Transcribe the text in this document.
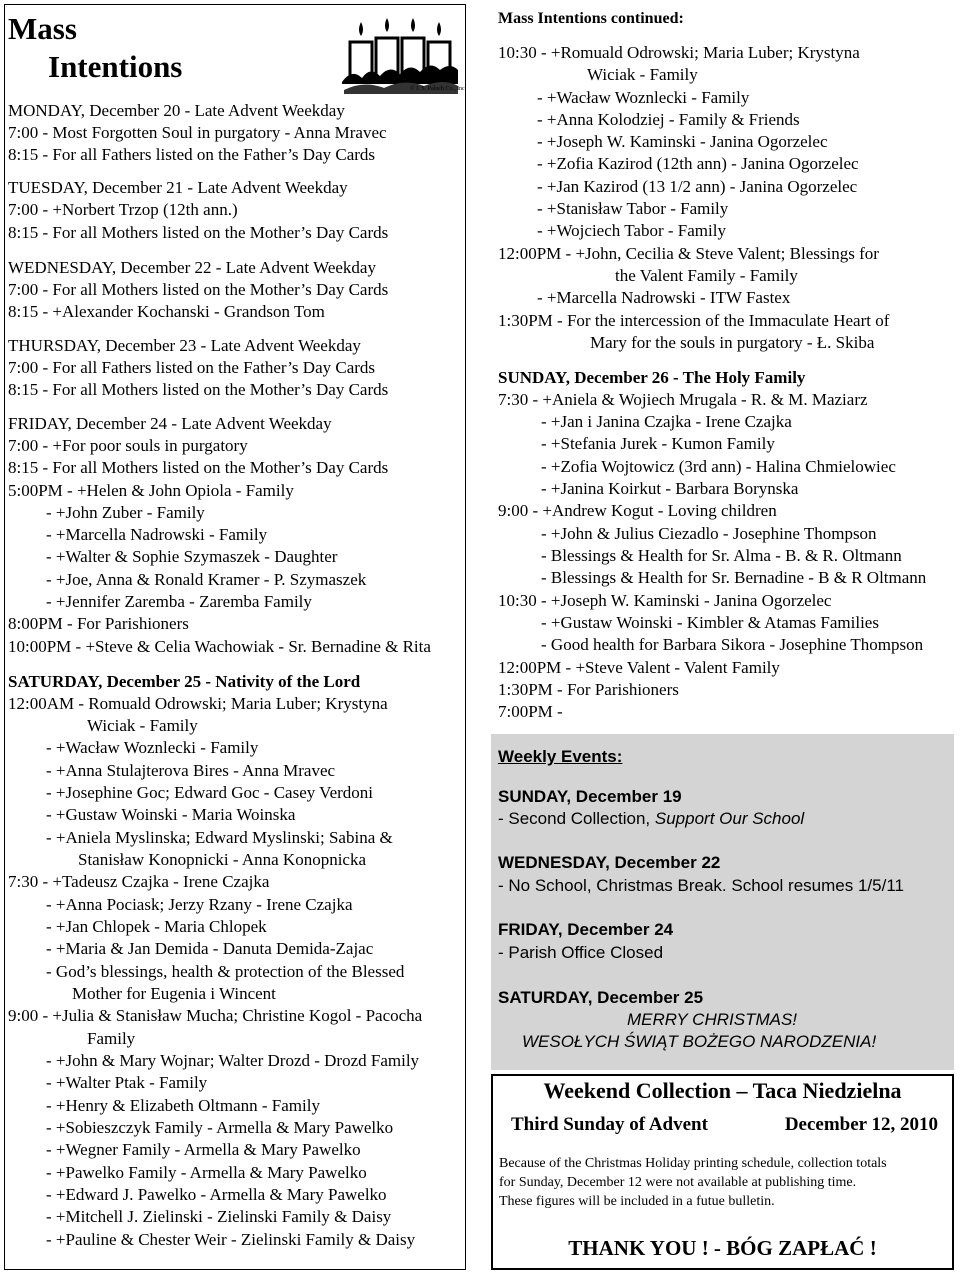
Mass
Intentions
© J. S. Paluch Co., Inc.
MONDAY, December 20 - Late Advent Weekday
7:00 - Most Forgotten Soul in purgatory - Anna Mravec
8:15 - For all Fathers listed on the Father’s Day Cards
TUESDAY, December 21 - Late Advent Weekday
7:00 - +Norbert Trzop (12th ann.)
8:15 - For all Mothers listed on the Mother’s Day Cards
WEDNESDAY, December 22 - Late Advent Weekday
7:00 - For all Mothers listed on the Mother’s Day Cards
8:15 - +Alexander Kochanski - Grandson Tom
THURSDAY, December 23 - Late Advent Weekday
7:00 - For all Fathers listed on the Father’s Day Cards
8:15 - For all Mothers listed on the Mother’s Day Cards
FRIDAY, December 24 - Late Advent Weekday
7:00 - +For poor souls in purgatory
8:15 - For all Mothers listed on the Mother’s Day Cards
5:00PM - +Helen & John Opiola - Family
- +John Zuber - Family
- +Marcella Nadrowski - Family
- +Walter & Sophie Szymaszek - Daughter
- +Joe, Anna & Ronald Kramer - P. Szymaszek
- +Jennifer Zaremba - Zaremba Family
8:00PM - For Parishioners
10:00PM - +Steve & Celia Wachowiak - Sr. Bernadine & Rita
SATURDAY, December 25 - Nativity of the Lord
12:00AM - Romuald Odrowski; Maria Luber; Krystyna
Wiciak - Family
- +Wacław Woznlecki - Family
- +Anna Stulajterova Bires - Anna Mravec
- +Josephine Goc; Edward Goc - Casey Verdoni
- +Gustaw Woinski - Maria Woinska
- +Aniela Myslinska; Edward Myslinski; Sabina &
Stanisław Konopnicki - Anna Konopnicka
7:30 - +Tadeusz Czajka - Irene Czajka
- +Anna Pociask; Jerzy Rzany - Irene Czajka
- +Jan Chlopek - Maria Chlopek
- +Maria & Jan Demida - Danuta Demida-Zajac
- God’s blessings, health & protection of the Blessed
Mother for Eugenia i Wincent
9:00 - +Julia & Stanisław Mucha; Christine Kogol - Pacocha
Family
- +John & Mary Wojnar; Walter Drozd - Drozd Family
- +Walter Ptak - Family
- +Henry & Elizabeth Oltmann - Family
- +Sobieszczyk Family - Armella & Mary Pawelko
- +Wegner Family - Armella & Mary Pawelko
- +Pawelko Family - Armella & Mary Pawelko
- +Edward J. Pawelko - Armella & Mary Pawelko
- +Mitchell J. Zielinski - Zielinski Family & Daisy
- +Pauline & Chester Weir - Zielinski Family & Daisy
Mass Intentions continued:
10:30 - +Romuald Odrowski; Maria Luber; Krystyna
Wiciak - Family
- +Wacław Woznlecki - Family
- +Anna Kolodziej - Family & Friends
- +Joseph W. Kaminski - Janina Ogorzelec
- +Zofia Kazirod (12th ann) - Janina Ogorzelec
- +Jan Kazirod (13 1/2 ann) - Janina Ogorzelec
- +Stanisław Tabor - Family
- +Wojciech Tabor - Family
12:00PM - +John, Cecilia & Steve Valent; Blessings for
the Valent Family - Family
- +Marcella Nadrowski - ITW Fastex
1:30PM - For the intercession of the Immaculate Heart of
Mary for the souls in purgatory - Ł. Skiba
SUNDAY, December 26 - The Holy Family
7:30 - +Aniela & Wojiech Mrugala - R. & M. Maziarz
- +Jan i Janina Czajka - Irene Czajka
- +Stefania Jurek - Kumon Family
- +Zofia Wojtowicz (3rd ann) - Halina Chmielowiec
- +Janina Koirkut - Barbara Borynska
9:00 - +Andrew Kogut - Loving children
- +John & Julius Ciezadlo - Josephine Thompson
- Blessings & Health for Sr. Alma - B. & R. Oltmann
- Blessings & Health for Sr. Bernadine - B & R Oltmann
10:30 - +Joseph W. Kaminski - Janina Ogorzelec
- +Gustaw Woinski - Kimbler & Atamas Families
- Good health for Barbara Sikora - Josephine Thompson
12:00PM - +Steve Valent - Valent Family
1:30PM - For Parishioners
7:00PM -
Weekly Events:
SUNDAY, December 19
- Second Collection, Support Our School
WEDNESDAY, December 22
- No School, Christmas Break. School resumes 1/5/11
FRIDAY, December 24
- Parish Office Closed
SATURDAY, December 25
MERRY CHRISTMAS!
WESOŁYCH ŚWIĄT BOŻEGO NARODZENIA!
Weekend Collection – Taca Niedzielna
Third Sunday of Advent	December 12, 2010
Because of the Christmas Holiday printing schedule, collection totals
for Sunday, December 12 were not available at publishing time.
These figures will be included in a futue bulletin.
THANK YOU ! - BÓG ZAPŁAĆ !
